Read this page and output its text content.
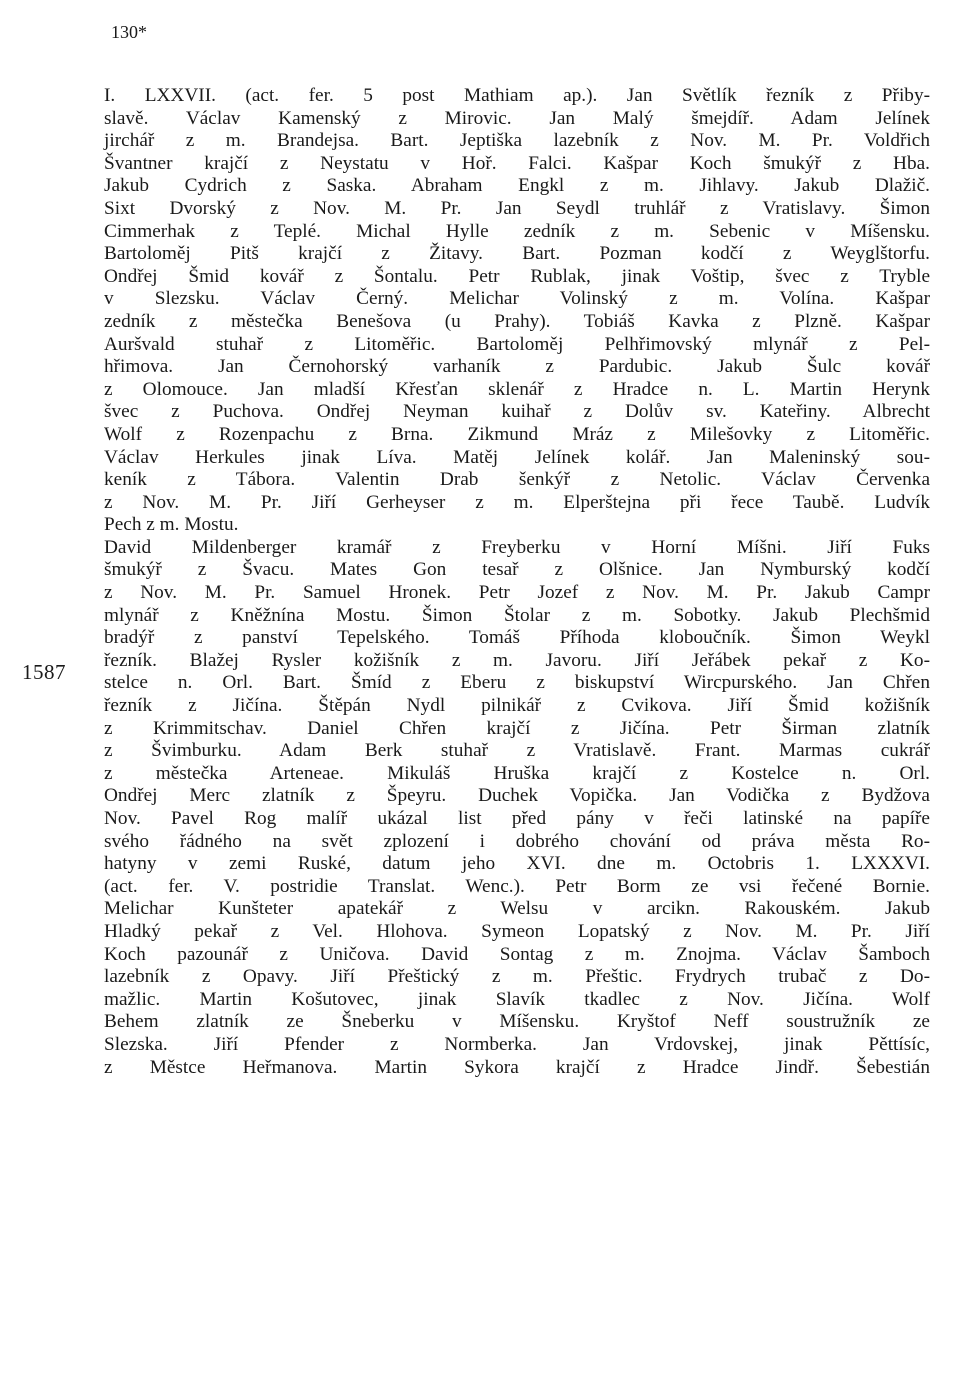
130*
1587
I. LXXVII. (act. fer. 5 post Mathiam ap.). Jan Světlík řezník z Přiby-
slavě. Václav Kamenský z Mirovic. Jan Malý šmejdíř. Adam Jelínek
jirchář z m. Brandejsa. Bart. Jeptiška lazebník z Nov. M. Pr. Voldřich
Švantner krajčí z Neystatu v Hoř. Falci. Kašpar Koch šmukýř z Hba.
Jakub Cydrich z Saska. Abraham Engkl z m. Jihlavy. Jakub Dlažič.
Sixt Dvorský z Nov. M. Pr. Jan Seydl truhlář z Vratislavy. Šimon
Cimmerhak z Teplé. Michal Hylle zedník z m. Sebenic v Míšensku.
Bartoloměj Pitš krajčí z Žitavy. Bart. Pozman kodčí z Weyglštorfu.
Ondřej Šmid kovář z Šontalu. Petr Rublak, jinak Voštip, švec z Tryble
v Slezsku. Václav Černý. Melichar Volinský z m. Volína. Kašpar
zedník z městečka Benešova (u Prahy). Tobiáš Kavka z Plzně. Kašpar
Auršvald stuhař z Litoměřic. Bartoloměj Pelhřimovský mlynář z Pel-
hřimova. Jan Černohorský varhaník z Pardubic. Jakub Šulc kovář
z Olomouce. Jan mladší Křesťan sklenář z Hradce n. L. Martin Herynk
švec z Puchova. Ondřej Neyman kuihař z Dolův sv. Kateřiny. Albrecht
Wolf z Rozenpachu z Brna. Zikmund Mráz z Milešovky z Litoměřic.
Václav Herkules jinak Líva. Matěj Jelínek kolář. Jan Maleninský sou-
keník z Tábora. Valentin Drab šenkýř z Netolic. Václav Červenka
z Nov. M. Pr. Jiří Gerheyser z m. Elperštejna při řece Taubě. Ludvík
Pech z m. Mostu.
David Mildenberger kramář z Freyberku v Horní Míšni. Jiří Fuks
šmukýř z Švacu. Mates Gon tesař z Olšnice. Jan Nymburský kodčí
z Nov. M. Pr. Samuel Hronek. Petr Jozef z Nov. M. Pr. Jakub Campr
mlynář z Kněžnína Mostu. Šimon Štolar z m. Sobotky. Jakub Plechšmid
bradýř z panství Tepelského. Tomáš Příhoda kloboučník. Šimon Weykl
řezník. Blažej Rysler kožišník z m. Javoru. Jiří Jeřábek pekař z Ko-
stelce n. Orl. Bart. Šmíd z Eberu z biskupství Wircpurského. Jan Chřen
řezník z Jičína. Štěpán Nydl pilnikář z Cvikova. Jiří Šmid kožišník
z Krimmitschav. Daniel Chřen krajčí z Jičína. Petr Širman zlatník
z Švimburku. Adam Berk stuhař z Vratislavě. Frant. Marmas cukrář
z městečka Arteneae. Mikuláš Hruška krajčí z Kostelce n. Orl.
Ondřej Merc zlatník z Špeyru. Duchek Vopička. Jan Vodička z Bydžova
Nov. Pavel Rog malíř ukázal list před pány v řeči latinské na papíře
svého řádného na svět zplození i dobrého chování od práva města Ro-
hatyny v zemi Ruské, datum jeho XVI. dne m. Octobris 1. LXXXVI.
(act. fer. V. postridie Translat. Wenc.). Petr Borm ze vsi řečené Bornie.
Melichar Kunšteter apatekář z Welsu v arcikn. Rakouském. Jakub
Hladký pekař z Vel. Hlohova. Symeon Lopatský z Nov. M. Pr. Jiří
Koch pazounář z Uničova. David Sontag z m. Znojma. Václav Šamboch
lazebník z Opavy. Jiří Přeštický z m. Přeštic. Frydrych trubač z Do-
mažlic. Martin Košutovec, jinak Slavík tkadlec z Nov. Jičína. Wolf
Behem zlatník ze Šneberku v Míšensku. Kryštof Neff soustružník ze
Slezska. Jiří Pfender z Normberka. Jan Vrdovskej, jinak Pěttísíc,
z Městce Heřmanova. Martin Sykora krajčí z Hradce Jindř. Šebestián
